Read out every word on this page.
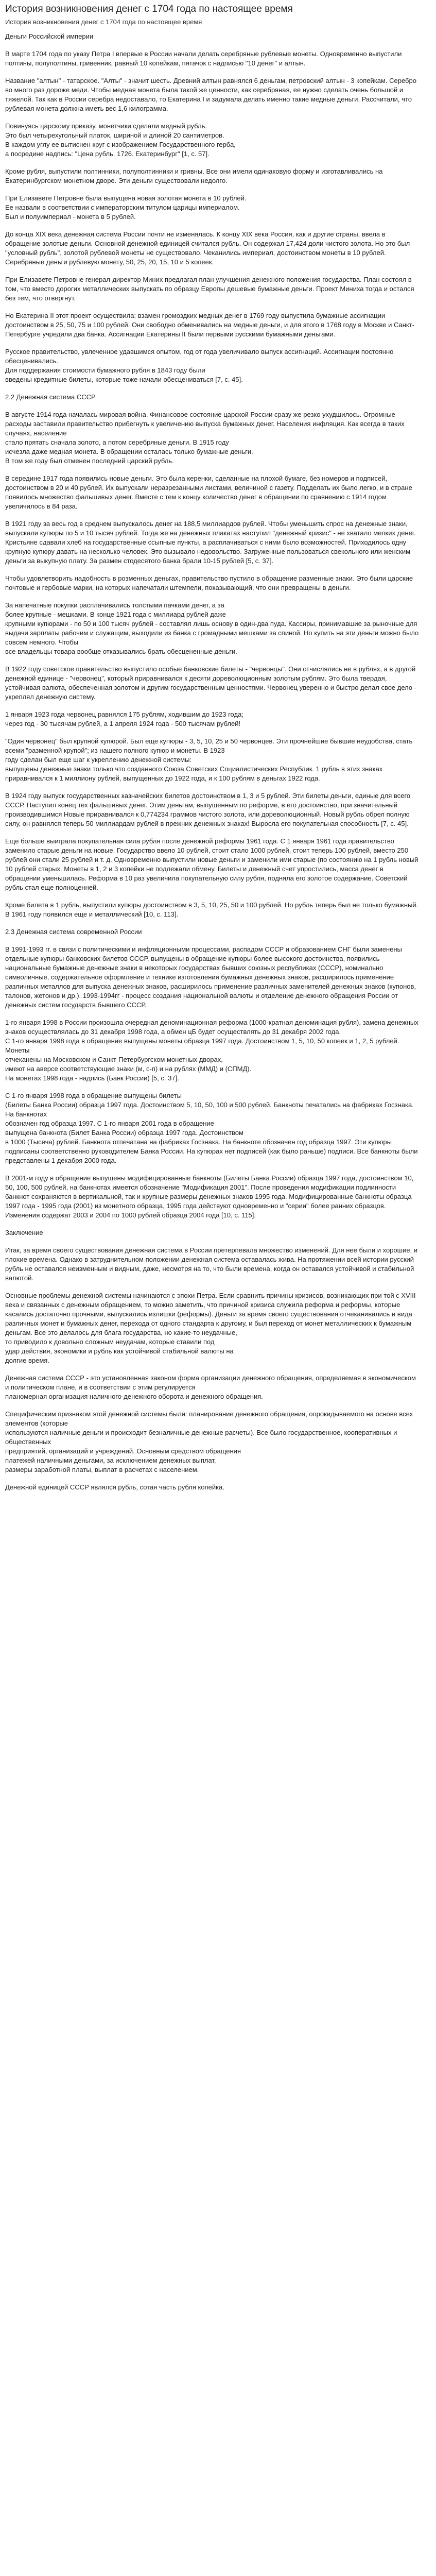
История возникновения денег с 1704 года по настоящее время
История возникновения денег с 1704 года по настоящее время

Деньги Российской империи

В марте 1704 года по указу Петра I впервые в России начали делать серебряные рублевые монеты. Одновременно выпустили полтины, полуполтины, гривенник, равный 10 копейкам, пятачок с надписью "10 денег" и алтын.

Название "алтын" - татарское. "Алты" - значит шесть. Древний алтын равнялся 6 деньгам, петровский алтын - 3 копейкам. Серебро во много раз дороже меди. Чтобы медная монета была такой же ценности, как серебряная, ее нужно сделать очень большой и тяжелой. Так как в России серебра недоставало, то Екатерина I и задумала делать именно такие медные деньги. Рассчитали, что рублевая монета должна иметь вес 1,6 килограмма.

Повинуясь царскому приказу, монетчики сделали медный рубль.
Это был четырехугольный платок, шириной и длиной 20 сантиметров.
В каждом углу ее вытиснен круг с изображением Государственного герба,
а посредине надпись: "Цена рубль. 1726. Екатеринбург" [1, с. 57].

Кроме рубля, выпустили полтинники, полуполтинники и гривны. Все они имели одинаковую форму и изготавливались на Екатеринбургском монетном дворе. Эти деньги существовали недолго.

При Елизавете Петровне была выпущена новая золотая монета в 10 рублей.
Ее назвали в соответствии с императорским титулом царицы империалом.
Был и полуимпериал - монета в 5 рублей.

До конца XIX века денежная система России почти не изменялась. К концу XIX века Россия, как и другие страны, ввела в обращение золотые деньги. Основной денежной единицей считался рубль. Он содержал 17,424 доли чистого золота. Но это был "условный рубль", золотой рублевой монеты не существовало. Чеканились империал, достоинством монеты в 10 рублей. Серебряные деньги рублевую монету, 50, 25, 20, 15, 10 и 5 копеек.

При Елизавете Петровне генерал-директор Миних предлагал план улучшения денежного положения государства. План состоял в том, что вместо дорогих металлических выпускать по образцу Европы дешевые бумажные деньги. Проект Миниха тогда и остался без тем, что отвергнут.

Но Екатерина II этот проект осуществила: взамен громоздких медных денег в 1769 году выпустила бумажные ассигнации достоинством в 25, 50, 75 и 100 рублей. Они свободно обменивались на медные деньги, и для этого в 1768 году в Москве и Санкт-Петербурге учредили два банка. Ассигнации Екатерины II были первыми русскими бумажными деньгами.

Русское правительство, увлеченное удавшимся опытом, год от года увеличивало выпуск ассигнаций. Ассигнации постоянно обесценивались.
Для поддержания стоимости бумажного рубля в 1843 году были
введены кредитные билеты, которые тоже начали обесцениваться [7, с. 45].

2.2 Денежная система СССР

В августе 1914 года началась мировая война. Финансовое состояние царской России сразу же резко ухудшилось. Огромные расходы заставили правительство прибегнуть к увеличению выпуска бумажных денег. Населения инфляция. Как всегда в таких случаях, население
стало прятать сначала золото, а потом серебряные деньги. В 1915 году
исчезла даже медная монета. В обращении осталась только бумажные деньги.
В том же году был отменен последний царский рубль.

В середине 1917 года появились новые деньги. Это была керенки, сделанные на плохой бумаге, без номеров и подписей, достоинством в 20 и 40 рублей. Их выпускали неразрезанными листами, величиной с газету. Подделать их было легко, и в стране появилось множество фальшивых денег. Вместе с тем к концу количество денег в обращении по сравнению с 1914 годом увеличилось в 84 раза.

В 1921 году за весь год в среднем выпускалось денег на 188,5 миллиардов рублей. Чтобы уменьшить спрос на денежные знаки, выпускали купюры по 5 и 10 тысяч рублей. Тогда же на денежных плакатах наступил "денежный кризис" - не хватало мелких денег. Кристьяне сдавали хлеб на государственные ссыпные пункты, а расплачиваться с ними было возможностей. Приходилось одну крупную купюру давать на несколько человек. Это вызывало недовольство. Загруженные пользоваться свекольного или женским деньги за выкупную плату. За размен стодесятого банка брали 10-15 рублей [5, с. 37].

Чтобы удовлетворить надобность в розменных деньгах, правительство пустило в обращение разменные знаки. Это были царские почтовые и гербовые марки, на которых напечатали штемпели, показывающий, что они превращены в деньги.

За напечатные покупки расплачивались толстыми пачками денег, а за
более крупные - мешками. В конце 1921 года с миллиард рублей даже
крупными купюрами - по 50 и 100 тысяч рублей - составлял лишь основу в один-два пуда. Кассиры, принимавшие за рыночные для выдачи зарплаты рабочим и служащим, выходили из банка с громадными мешками за спиной. Но купить на эти деньги можно было совсем немного. Чтобы
все владельцы товара вообще отказывались брать обесцененные деньги.

В 1922 году советское правительство выпустило особые банковские билеты - "червонцы". Они отчислялись не в рублях, а в другой денежной единице - "червонец", который приравнивался к десяти дореволюционным золотым рублям. Это была твердая, устойчивая валюта, обеспеченная золотом и другим государственным ценностями. Червонец уверенно и быстро делал свое дело - укреплял денежную систему.

1 января 1923 года червонец равнялся 175 рублям, ходившим до 1923 года;
через год - 30 тысячам рублей, а 1 апреля 1924 года - 500 тысячам рублей!

"Один червонец" был крупной купюрой. Был еще купюры - 3, 5, 10, 25 и 50 червонцев. Эти прочнейшие бывшие неудобства, стать всеми "разменной крупой"; из нашего полного купюр и монеты. В 1923
году сделан был еще шаг к укреплению денежной системы:
выпущены денежные знаки только что созданного Союза Советских Социалистических Республик. 1 рубль в этих знаках приравнивался к 1 миллиону рублей, выпущенных до 1922 года, и к 100 рублям в деньгах 1922 года.

В 1924 году выпуск государственных казначейских билетов достоинством в 1, 3 и 5 рублей. Эти билеты деньги, единые для всего СССР. Наступил конец тех фальшивых денег. Этим деньгам, выпущенным по реформе, в его достоинство, при значительный производившимся Новые приравнивался к 0,774234 граммов чистого золота, или дореволюционный. Новый рубль обрел полную силу, он равнялся теперь 50 миллиардам рублей в прежних денежных знаках! Выросла его покупательная способность [7, с. 45].

Еще больше выиграла покупательная сила рубля после денежной реформы 1961 года. С 1 января 1961 года правительство заменило старые деньги на новые. Государство ввело 10 рублей, стоит стало 1000 рублей, стоит теперь 100 рублей, вместо 250 рублей они стали 25 рублей и т. д. Одновременно выпустили новые деньги и заменили ими старые (по состоянию на 1 рубль новый 10 рублей старых. Монеты в 1, 2 и 3 копейки не подлежали обмену. Билеты и денежный счет упростились, масса денег в обращении уменьшилась. Реформа в 10 раз увеличила покупательную силу рубля, подняла его золотое содержание. Советский рубль стал еще полноценней.

Кроме билета в 1 рубль, выпустили купюры достоинством в 3, 5, 10, 25, 50 и 100 рублей. Но рубль теперь был не только бумажный. В 1961 году появился еще и металлический [10, с. 113].

2.3 Денежная система современной России

В 1991-1993 гг. в связи с политическими и инфляционными процессами, распадом СССР и образованием СНГ были заменены отдельные купюры банковских билетов СССР, выпущены в обращение купюры более высокого достоинства, появились национальные бумажные денежные знаки в некоторых государствах бывших союзных республиках (СССР), номинально символичные, содержательное оформление и технике изготовления бумажных денежных знаков, расширилось применение различных металлов для выпуска денежных знаков, расширилось применение различных заменителей денежных знаков (купонов, талонов, жетонов и др.). 1993-1994гг - процесс создания национальной валюты и отделение денежного обращения России от денежных систем государств бывшего СССР.

1-го января 1998 в России произошла очередная деноминационная реформа (1000-кратная деноминация рубля), замена денежных знаков осуществлялась до 31 декабря 1998 года, а обмен цБ будет осуществлять до 31 декабря 2002 года.
С 1-го января 1998 года в обращение выпущены монеты образца 1997 года. Достоинством 1, 5, 10, 50 копеек и 1, 2, 5 рублей. Монеты
отчеканены на Московском и Санкт-Петербургском монетных дворах,
имеют на аверсе соответствующие знаки (м, с-п) и на рублях (ММД) и (СПМД).
На монетах 1998 года - надпись (Банк России) [5, с. 37].

С 1-го января 1998 года в обращение выпущены билеты
(Билеты Банка России) образца 1997 года. Достоинством 5, 10, 50, 100 и 500 рублей. Банкноты печатались на фабриках Госзнака. На банкнотах
обозначен год образца 1997. С 1-го января 2001 года в обращение
выпущена банкнота (Билет Банка России) образца 1997 года. Достоинством
в 1000 (Тысяча) рублей. Банкнота отпечатана на фабриках Госзнака. На банкноте обозначен год образца 1997. Эти купюры подписаны соответственно руководителем Банка России. На купюрах нет подписей (как было раньше) подписи. Все банкноты были представлены 1 декабря 2000 года.

В 2001-м году в обращение выпущены модифицированные банкноты (Билеты Банка России) образца 1997 года, достоинством 10, 50, 100, 500 рублей, на банкнотах имеется обозначение "Модификация 2001". После проведения модификации подлинности банкнот сохраняются в вертикальной, так и крупные размеры денежных знаков 1995 года. Модифицированные банкноты образца 1997 года - 1995 года (2001) из монетного образца, 1995 года действуют одновременно и "серии" более ранних образцов. Изменения содержат 2003 и 2004 по 1000 рублей образца 2004 года [10, с. 115].

Заключение

Итак, за время своего существования денежная система в России претерпевала множество изменений. Для нее были и хорошие, и плохие времена. Однако в затруднительном положении денежная система оставалась жива. На протяжении всей истории русский рубль не оставался неизменным и видным, даже, несмотря на то, что были времена, когда он оставался устойчивой и стабильной валютой.

Основные проблемы денежной системы начинаются с эпохи Петра. Если сравнить причины кризисов, возникающих при той с XVIII века и связанных с денежным обращением, то можно заметить, что причиной кризиса служила реформа и реформы, которые касались достаточно прочными, выпускались излишки (реформы). Деньги за время своего существования отчеканивались и вида различных монет и бумажных денег, перехода от одного стандарта к другому, и был переход от монет металлических к бумажным деньгам. Все это делалось для блага государства, но какие-то неудачные,
то приводило к довольно сложным неудачам, которые ставили под
удар действия, экономики и рубль как устойчивой стабильной валюты на
долгие время.

Денежная система СССР - это установленная законом форма организации денежного обращения, определяемая в экономическом и политическом плане, и в соответствии с этим регулируется
планомерная организация наличного-денежного оборота и денежного обращения.

Специфическим признаком этой денежной системы были: планирование денежного обращения, опрокидываемого на основе всех элементов (которые
используются наличные деньги и происходит безналичные денежные расчеты). Все было государственное, кооперативных и общественных
предприятий, организаций и учреждений. Основным средством обращения
платежей наличными деньгами, за исключением денежных выплат,
размеры заработной платы, выплат в расчетах с населением.

Денежной единицей СССР являлся рубль, сотая часть рубля копейка.
